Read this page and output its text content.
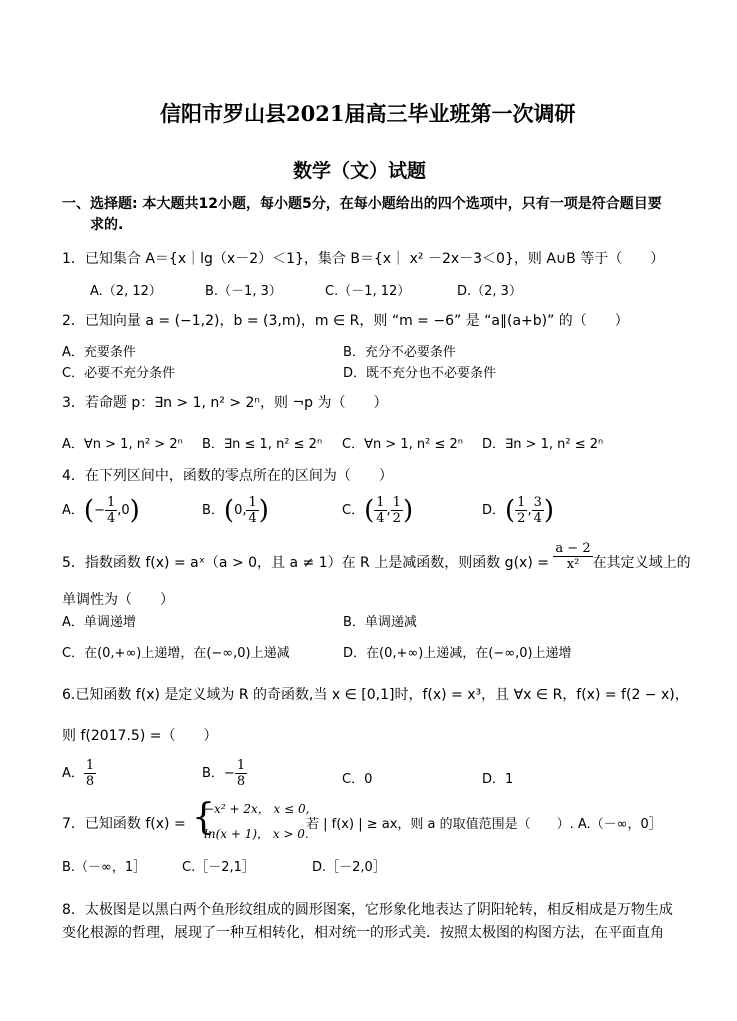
信阳市罗山县2021届高三毕业班第一次调研
数学（文）试题
一、选择题: 本大题共12小题，每小题5分，在每小题给出的四个选项中，只有一项是符合题目要
求的.
1．已知集合 A＝{x｜lg（x－2）＜1}，集合 B＝{x｜ x² －2x－3＜0}，则 A∪B 等于（　　）
A.（2, 12）	B.（－1, 3）	C.（－1, 12）	D.（2, 3）
2．已知向量 a = (−1,2)，b = (3,m)，m ∈ R，则 “m = −6” 是 “a∥(a+b)” 的（　　）
A．充要条件	B．充分不必要条件
C．必要不充分条件	D．既不充分也不必要条件
3．若命题 p：∃n > 1, n² > 2ⁿ，则 ¬p 为（　　）
A．∀n > 1, n² > 2ⁿ B．∃n ≤ 1, n² ≤ 2ⁿ C．∀n > 1, n² ≤ 2ⁿ D．∃n > 1, n² ≤ 2ⁿ
4．在下列区间中，函数的零点所在的区间为（　　）
A．(− $\frac{1}{4} ,0$)	B．(0, $\frac{1}{4}$ )	C．( $\frac{1}{4}$ , $\frac{1}{2}$ )	D．( $\frac{1}{2}$ , $\frac{3}{4}$ )
5．指数函数 f(x) = aˣ（a > 0，且 a ≠ 1）在 R 上是减函数，则函数 $g(x) = \frac{a - 2}{\text{x²}}$ 在其定义域上的
单调性为（　　）
A．单调递增	B．单调递减
C．在(0,+∞)上递增，在(−∞,0)上递减	D．在(0,+∞)上递减，在(−∞,0)上递增
6.已知函数 f(x) 是定义域为 R 的奇函数,当 x ∈ [0,1]时，f(x) = x³，且 ∀x ∈ R，f(x) = f(2 − x)，
则 f(2017.5) =（　　）
A． $\frac{1}{8}$	B．− $\frac{1}{8}$	C．0	D．1
7．已知函数 f(x) = {
−x² + 2x， x ≤ 0,
ln(x + 1)， x > 0.
若 | f(x) | ≥ ax，则 a 的取值范围是（　　）. A.（－∞，0］
B.（－∞，1］	C.［－2,1］	D.［－2,0］
8．太极图是以黑白两个鱼形纹组成的圆形图案，它形象化地表达了阴阳轮转，相反相成是万物生成
变化根源的哲理，展现了一种互相转化，相对统一的形式美．按照太极图的构图方法，在平面直角
